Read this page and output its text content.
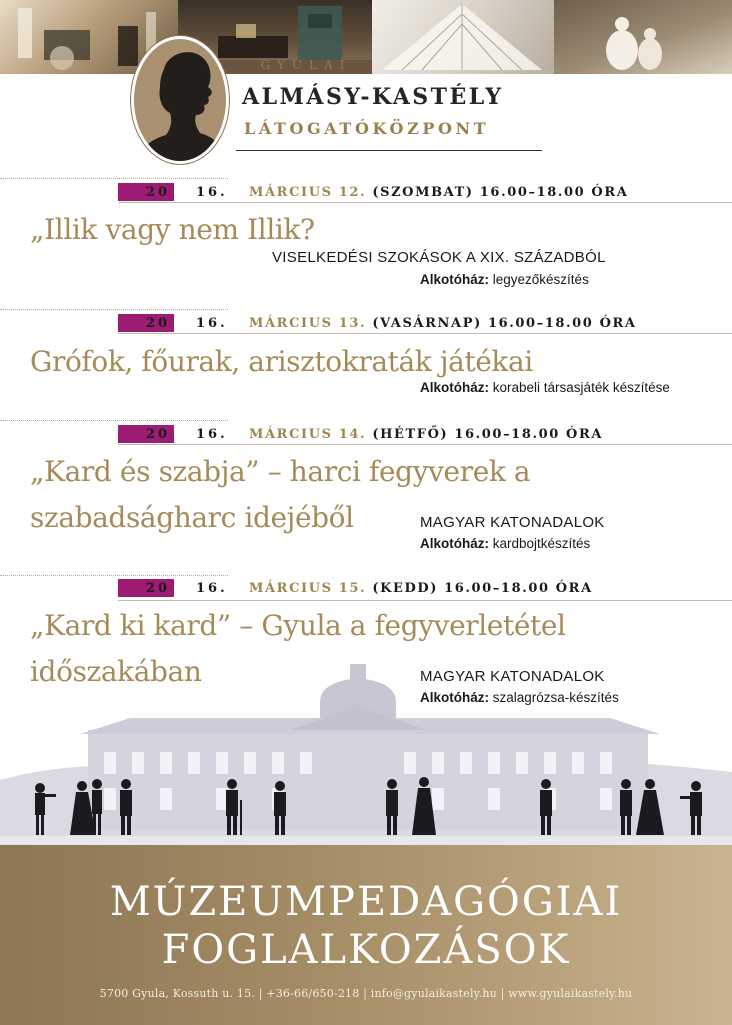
GYULAI
ALMÁSY-KASTÉLY
LÁTOGATÓKÖZPONT
20	16. MÁRCIUS 12. (SZOMBAT) 16.00–18.00 ÓRA
„Illik vagy nem Illik?
VISELKEDÉSI SZOKÁSOK A XIX. SZÁZADBÓL
Alkotóház: legyezőkészítés
20	16. MÁRCIUS 13. (VASÁRNAP) 16.00–18.00 ÓRA
Grófok, főurak, arisztokraták játékai
Alkotóház: korabeli társasjáték készítése
20	16. MÁRCIUS 14. (HÉTFŐ) 16.00–18.00 ÓRA
„Kard és szabja” – harci fegyverek a
szabadságharc idejéből	MAGYAR KATONADALOK
Alkotóház: kardbojtkészítés
20	16. MÁRCIUS 15. (KEDD) 16.00–18.00 ÓRA
„Kard ki kard” – Gyula a fegyverletétel
időszakában	MAGYAR KATONADALOK
Alkotóház: szalagrózsa-készítés
MÚZEUMPEDAGÓGIAI
FOGLALKOZÁSOK
5700 Gyula, Kossuth u. 15. | +36-66/650-218 | info@gyulaikastely.hu | www.gyulaikastely.hu
